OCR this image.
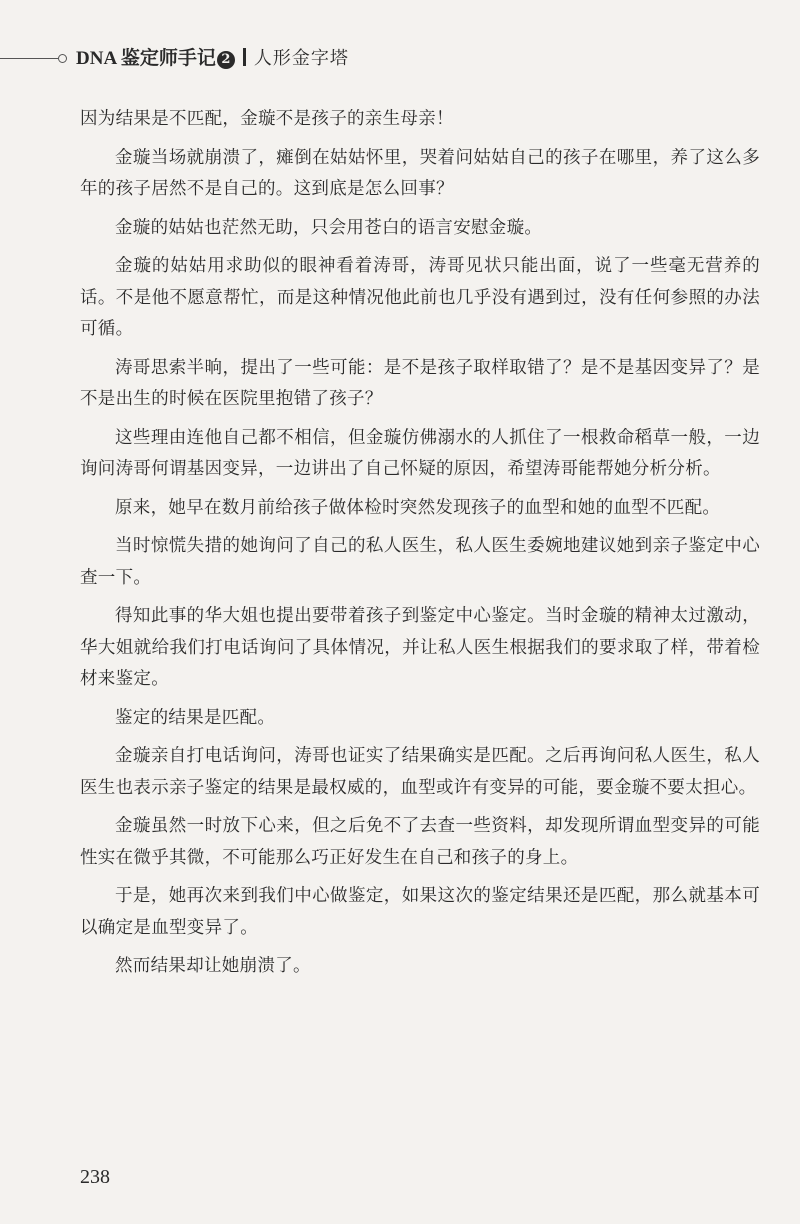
DNA 鉴定师手记 2 人形金字塔

因为结果是不匹配，金璇不是孩子的亲生母亲！

金璇当场就崩溃了，瘫倒在姑姑怀里，哭着问姑姑自己的孩子在哪里，养了这么多年的孩子居然不是自己的。这到底是怎么回事？

金璇的姑姑也茫然无助，只会用苍白的语言安慰金璇。

金璇的姑姑用求助似的眼神看着涛哥，涛哥见状只能出面，说了一些毫无营养的话。不是他不愿意帮忙，而是这种情况他此前也几乎没有遇到过，没有任何参照的办法可循。

涛哥思索半晌，提出了一些可能：是不是孩子取样取错了？是不是基因变异了？是不是出生的时候在医院里抱错了孩子？

这些理由连他自己都不相信，但金璇仿佛溺水的人抓住了一根救命稻草一般，一边询问涛哥何谓基因变异，一边讲出了自己怀疑的原因，希望涛哥能帮她分析分析。

原来，她早在数月前给孩子做体检时突然发现孩子的血型和她的血型不匹配。

当时惊慌失措的她询问了自己的私人医生，私人医生委婉地建议她到亲子鉴定中心查一下。

得知此事的华大姐也提出要带着孩子到鉴定中心鉴定。当时金璇的精神太过激动，华大姐就给我们打电话询问了具体情况，并让私人医生根据我们的要求取了样，带着检材来鉴定。

鉴定的结果是匹配。

金璇亲自打电话询问，涛哥也证实了结果确实是匹配。之后再询问私人医生，私人医生也表示亲子鉴定的结果是最权威的，血型或许有变异的可能，要金璇不要太担心。

金璇虽然一时放下心来，但之后免不了去查一些资料，却发现所谓血型变异的可能性实在微乎其微，不可能那么巧正好发生在自己和孩子的身上。

于是，她再次来到我们中心做鉴定，如果这次的鉴定结果还是匹配，那么就基本可以确定是血型变异了。

然而结果却让她崩溃了。

238
